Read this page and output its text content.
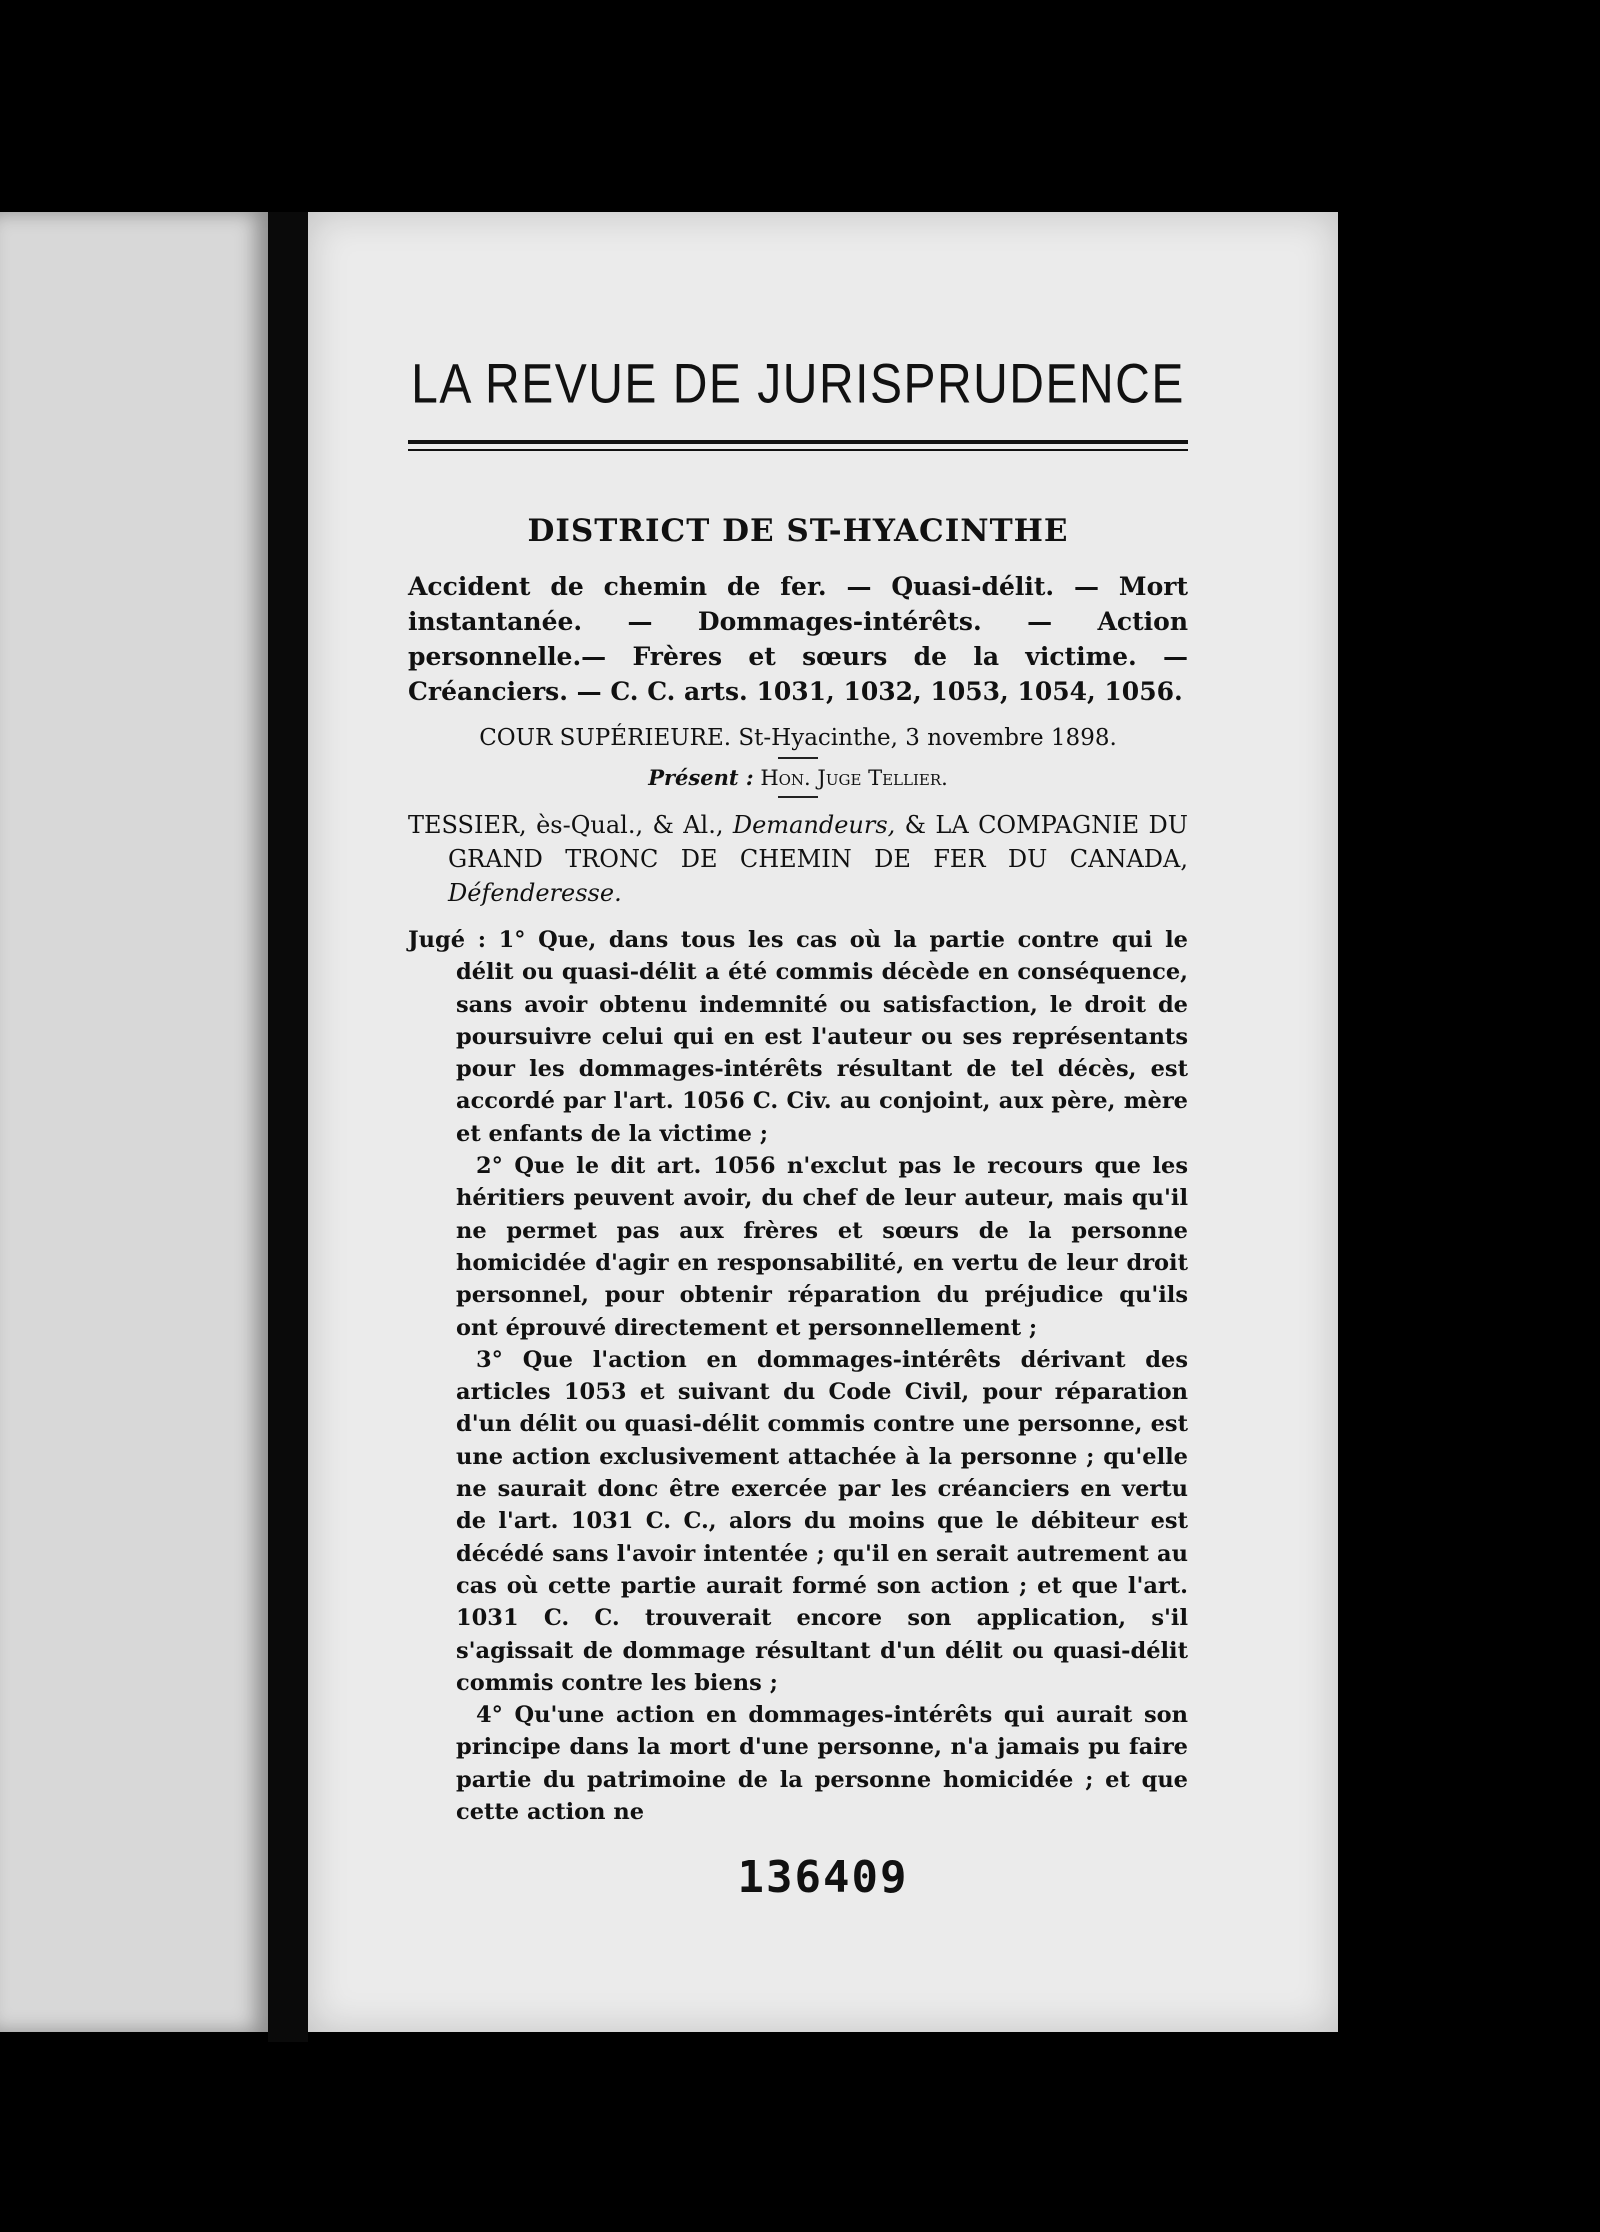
LA REVUE DE JURISPRUDENCE
DISTRICT DE ST-HYACINTHE
Accident de chemin de fer. — Quasi-délit. — Mort instantanée. — Dommages-intérêts. — Action personnelle.— Frères et sœurs de la victime. — Créanciers. — C. C. arts. 1031, 1032, 1053, 1054, 1056.
COUR SUPÉRIEURE. St-Hyacinthe, 3 novembre 1898.
Présent : Hon. Juge Tellier.
TESSIER, ès-Qual., & Al., Demandeurs, & LA COMPAGNIE DU GRAND TRONC DE CHEMIN DE FER DU CANADA, Défenderesse.

Jugé : 1° Que, dans tous les cas où la partie contre qui le délit ou quasi-délit a été commis décède en conséquence, sans avoir obtenu indemnité ou satisfaction, le droit de poursuivre celui qui en est l'auteur ou ses représentants pour les dommages-intérêts résultant de tel décès, est accordé par l'art. 1056 C. Civ. au conjoint, aux père, mère et enfants de la victime ;

2° Que le dit art. 1056 n'exclut pas le recours que les héritiers peuvent avoir, du chef de leur auteur, mais qu'il ne permet pas aux frères et sœurs de la personne homicidée d'agir en responsabilité, en vertu de leur droit personnel, pour obtenir réparation du préjudice qu'ils ont éprouvé directement et personnellement ;

3° Que l'action en dommages-intérêts dérivant des articles 1053 et suivant du Code Civil, pour réparation d'un délit ou quasi-délit commis contre une personne, est une action exclusivement attachée à la personne ; qu'elle ne saurait donc être exercée par les créanciers en vertu de l'art. 1031 C. C., alors du moins que le débiteur est décédé sans l'avoir intentée ; qu'il en serait autrement au cas où cette partie aurait formé son action ; et que l'art. 1031 C. C. trouverait encore son application, s'il s'agissait de dommage résultant d'un délit ou quasi-délit commis contre les biens ;

4° Qu'une action en dommages-intérêts qui aurait son principe dans la mort d'une personne, n'a jamais pu faire partie du patrimoine de la personne homicidée ; et que cette action ne

136409
